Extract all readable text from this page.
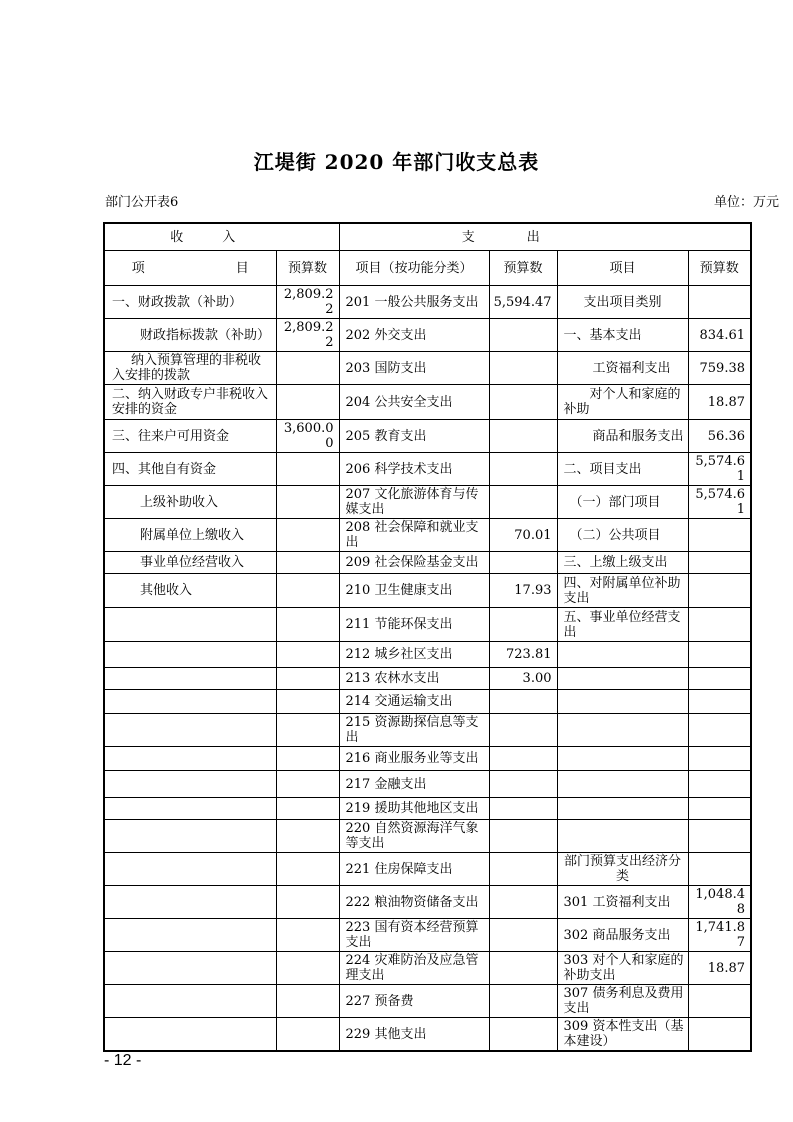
江堤街 2020 年部门收支总表
部门公开表6	单位：万元
收　　　入		支　　　　出			
项　　　　　　　目	预算数	项目（按功能分类）	预算数	项目	预算数
一、财政拨款（补助）	2,809.22	201 一般公共服务支出	5,594.47	支出项目类别	
财政指标拨款（补助）	2,809.22	202 外交支出		一、基本支出	834.61
纳入预算管理的非税收入安排的拨款		203 国防支出		工资福利支出	759.38
二、纳入财政专户非税收入安排的资金		204 公共安全支出		对个人和家庭的补助	18.87
三、往来户可用资金	3,600.00	205 教育支出		商品和服务支出	56.36
四、其他自有资金		206 科学技术支出		二、项目支出	5,574.61
上级补助收入		207 文化旅游体育与传媒支出		（一）部门项目	5,574.61
附属单位上缴收入		208 社会保障和就业支出	70.01	（二）公共项目	
事业单位经营收入		209 社会保险基金支出		三、上缴上级支出	
其他收入		210 卫生健康支出	17.93	四、对附属单位补助支出	
		211 节能环保支出		五、事业单位经营支出	
		212 城乡社区支出	723.81		
		213 农林水支出	3.00		
		214 交通运输支出			
		215 资源勘探信息等支出			
		216 商业服务业等支出			
		217 金融支出			
		219 援助其他地区支出			
		220 自然资源海洋气象等支出			
		221 住房保障支出		部门预算支出经济分类	
		222 粮油物资储备支出		301 工资福利支出	1,048.48
		223 国有资本经营预算支出		302 商品服务支出	1,741.87
		224 灾难防治及应急管理支出		303 对个人和家庭的补助支出	18.87
		227 预备费		307 债务利息及费用支出	
		229 其他支出		309 资本性支出（基本建设）	
- 12 -
